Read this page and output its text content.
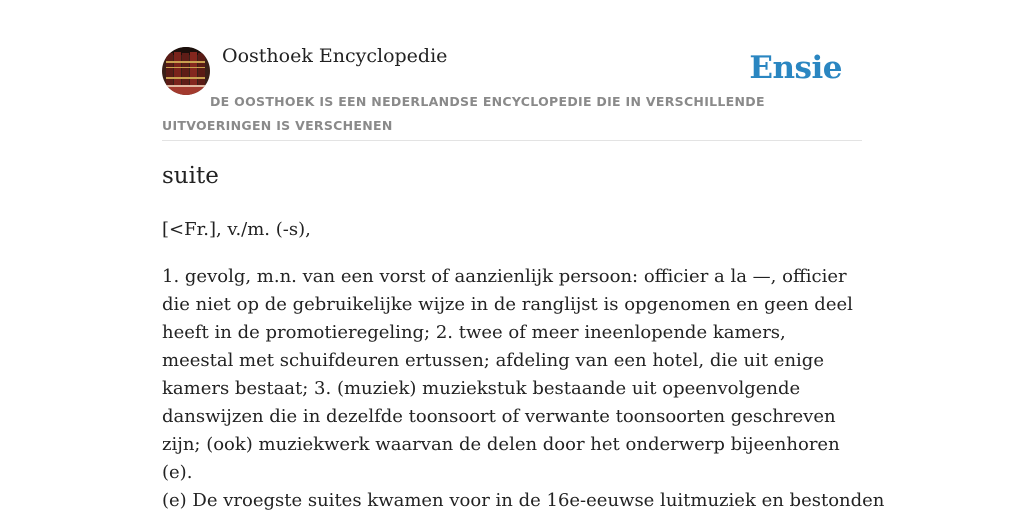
Oosthoek Encyclopedie	Ensie
DE OOSTHOEK IS EEN NEDERLANDSE ENCYCLOPEDIE DIE IN VERSCHILLENDE UITVOERINGEN IS VERSCHENEN
suite

[<Fr.], v./m. (-s),

1. gevolg, m.n. van een vorst of aanzienlijk persoon: officier a la —, officier die niet op de gebruikelijke wijze in de ranglijst is opgenomen en geen deel heeft in de promotieregeling; 2. twee of meer ineenlopende kamers, meestal met schuifdeuren ertussen; afdeling van een hotel, die uit enige kamers bestaat; 3. (muziek) muziekstuk bestaande uit opeenvolgende danswijzen die in dezelfde toonsoort of verwante toonsoorten geschreven zijn; (ook) muziekwerk waarvan de delen door het onderwerp bijeenhoren (e).

(e) De vroegste suites kwamen voor in de 16e-eeuwse luitmuziek en bestonden
